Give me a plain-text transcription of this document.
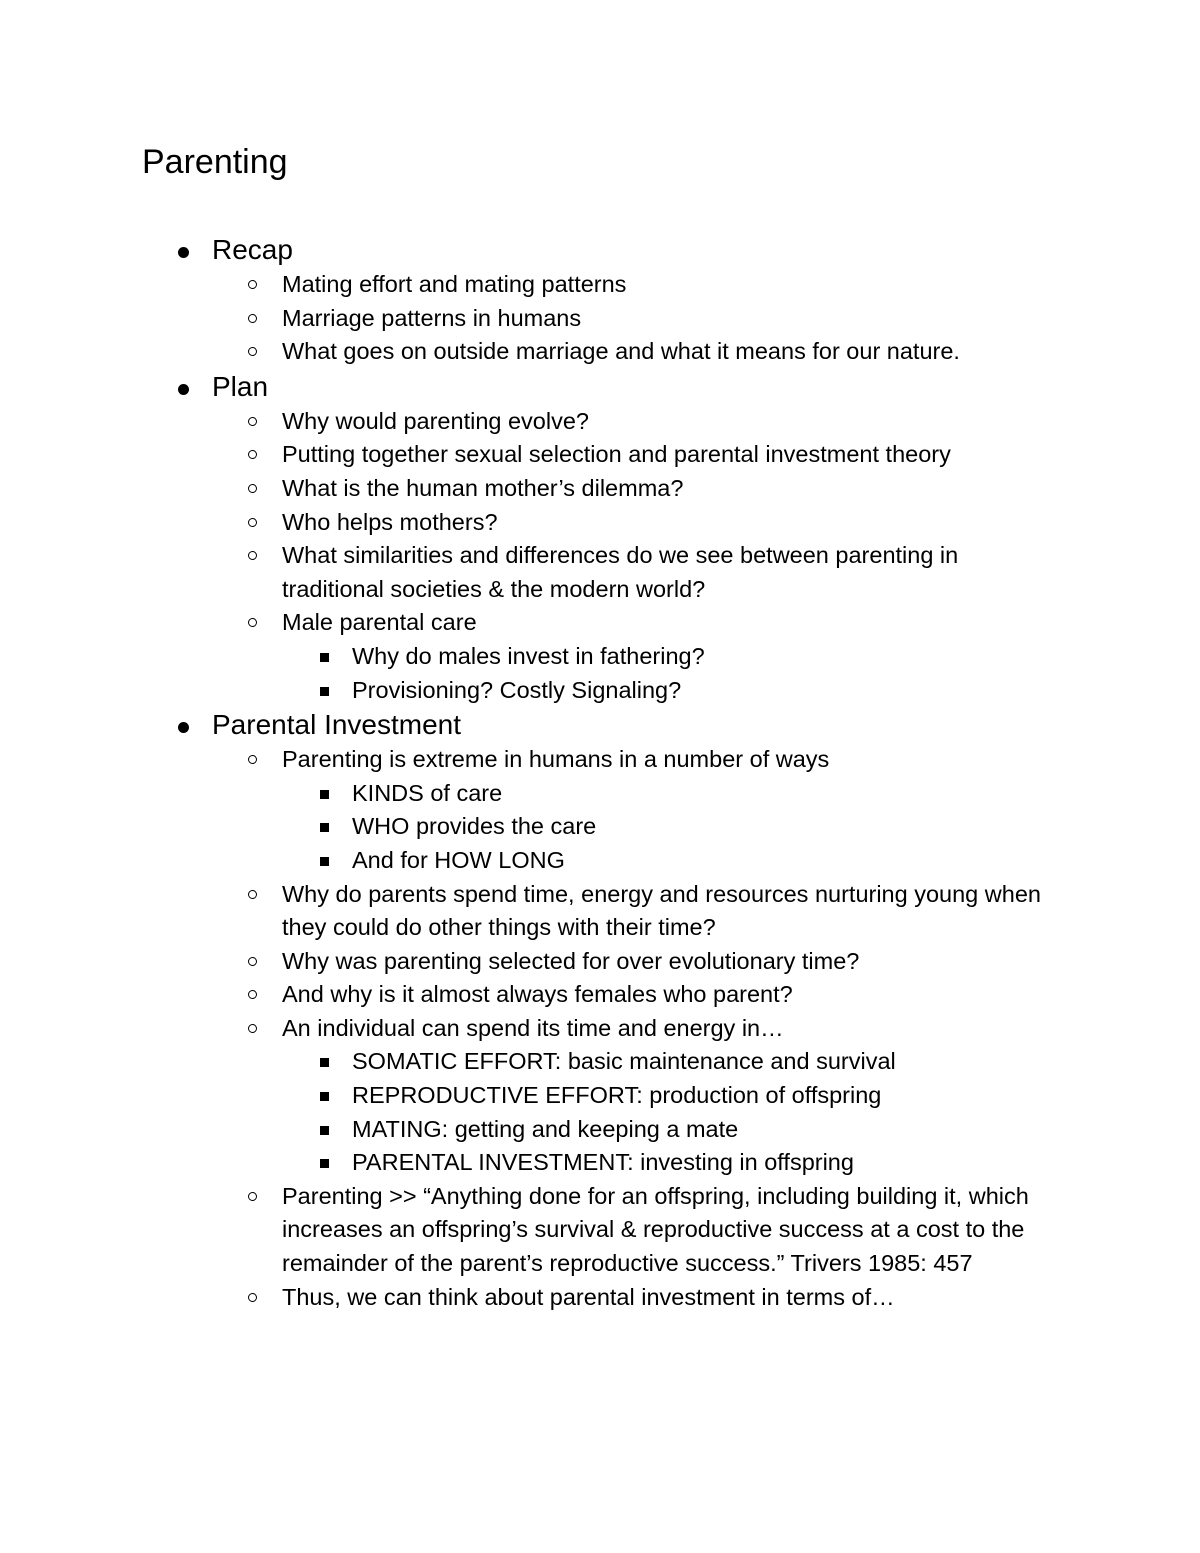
Parenting
Recap
Mating effort and mating patterns
Marriage patterns in humans
What goes on outside marriage and what it means for our nature.
Plan
Why would parenting evolve?
Putting together sexual selection and parental investment theory
What is the human mother’s dilemma?
Who helps mothers?
What similarities and differences do we see between parenting in traditional societies & the modern world?
Male parental care
Why do males invest in fathering?
Provisioning? Costly Signaling?
Parental Investment
Parenting is extreme in humans in a number of ways
KINDS of care
WHO provides the care
And for HOW LONG
Why do parents spend time, energy and resources nurturing young when they could do other things with their time?
Why was parenting selected for over evolutionary time?
And why is it almost always females who parent?
An individual can spend its time and energy in…
SOMATIC EFFORT: basic maintenance and survival
REPRODUCTIVE EFFORT: production of offspring
MATING: getting and keeping a mate
PARENTAL INVESTMENT: investing in offspring
Parenting >> “Anything done for an offspring, including building it, which increases an offspring’s survival & reproductive success at a cost to the remainder of the parent’s reproductive success.” Trivers 1985: 457
Thus, we can think about parental investment in terms of…
